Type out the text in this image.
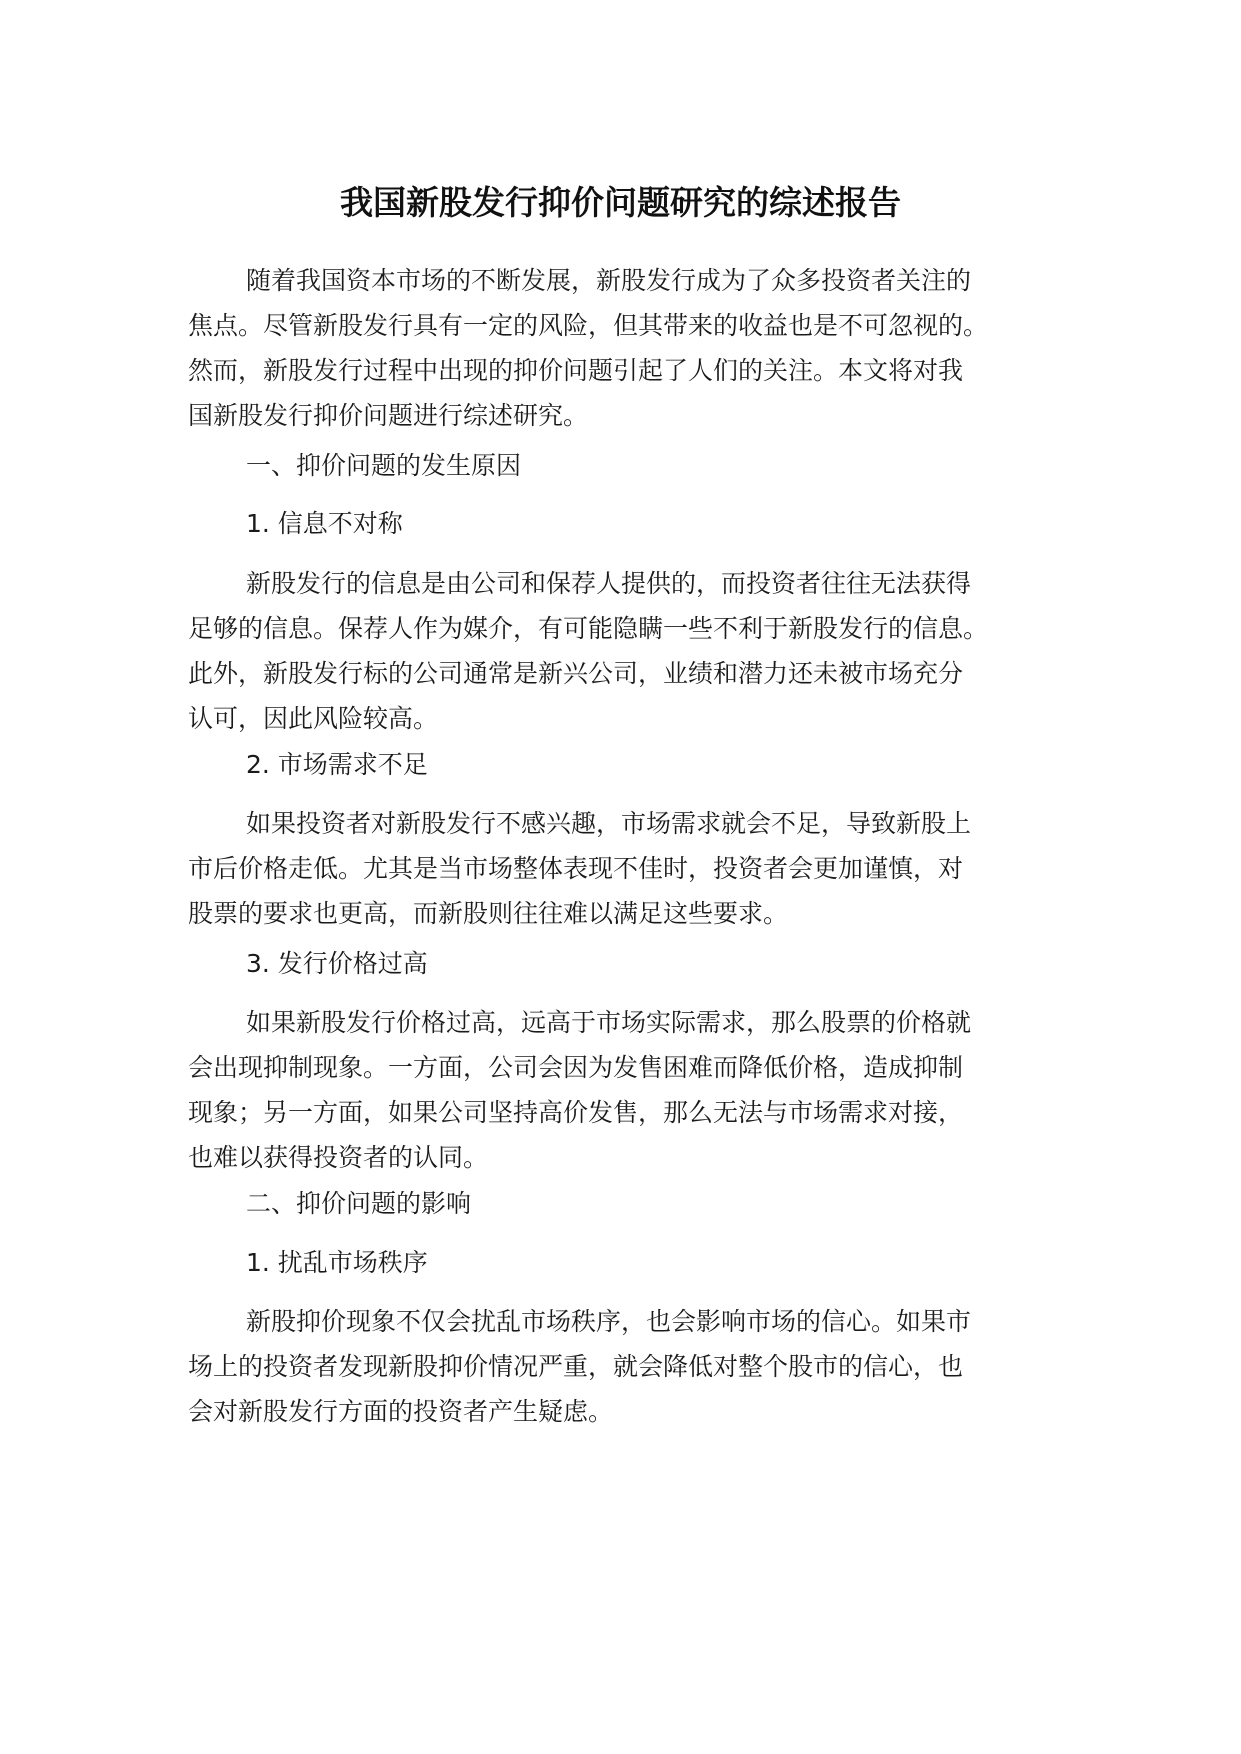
我国新股发行抑价问题研究的综述报告

随着我国资本市场的不断发展，新股发行成为了众多投资者关注的
焦点。尽管新股发行具有一定的风险，但其带来的收益也是不可忽视的。
然而，新股发行过程中出现的抑价问题引起了人们的关注。本文将对我
国新股发行抑价问题进行综述研究。

一、抑价问题的发生原因

1. 信息不对称

新股发行的信息是由公司和保荐人提供的，而投资者往往无法获得
足够的信息。保荐人作为媒介，有可能隐瞒一些不利于新股发行的信息。
此外，新股发行标的公司通常是新兴公司，业绩和潜力还未被市场充分
认可，因此风险较高。

2. 市场需求不足

如果投资者对新股发行不感兴趣，市场需求就会不足，导致新股上
市后价格走低。尤其是当市场整体表现不佳时，投资者会更加谨慎，对
股票的要求也更高，而新股则往往难以满足这些要求。

3. 发行价格过高

如果新股发行价格过高，远高于市场实际需求，那么股票的价格就
会出现抑制现象。一方面，公司会因为发售困难而降低价格，造成抑制
现象；另一方面，如果公司坚持高价发售，那么无法与市场需求对接，
也难以获得投资者的认同。

二、抑价问题的影响

1. 扰乱市场秩序

新股抑价现象不仅会扰乱市场秩序，也会影响市场的信心。如果市
场上的投资者发现新股抑价情况严重，就会降低对整个股市的信心，也
会对新股发行方面的投资者产生疑虑。
